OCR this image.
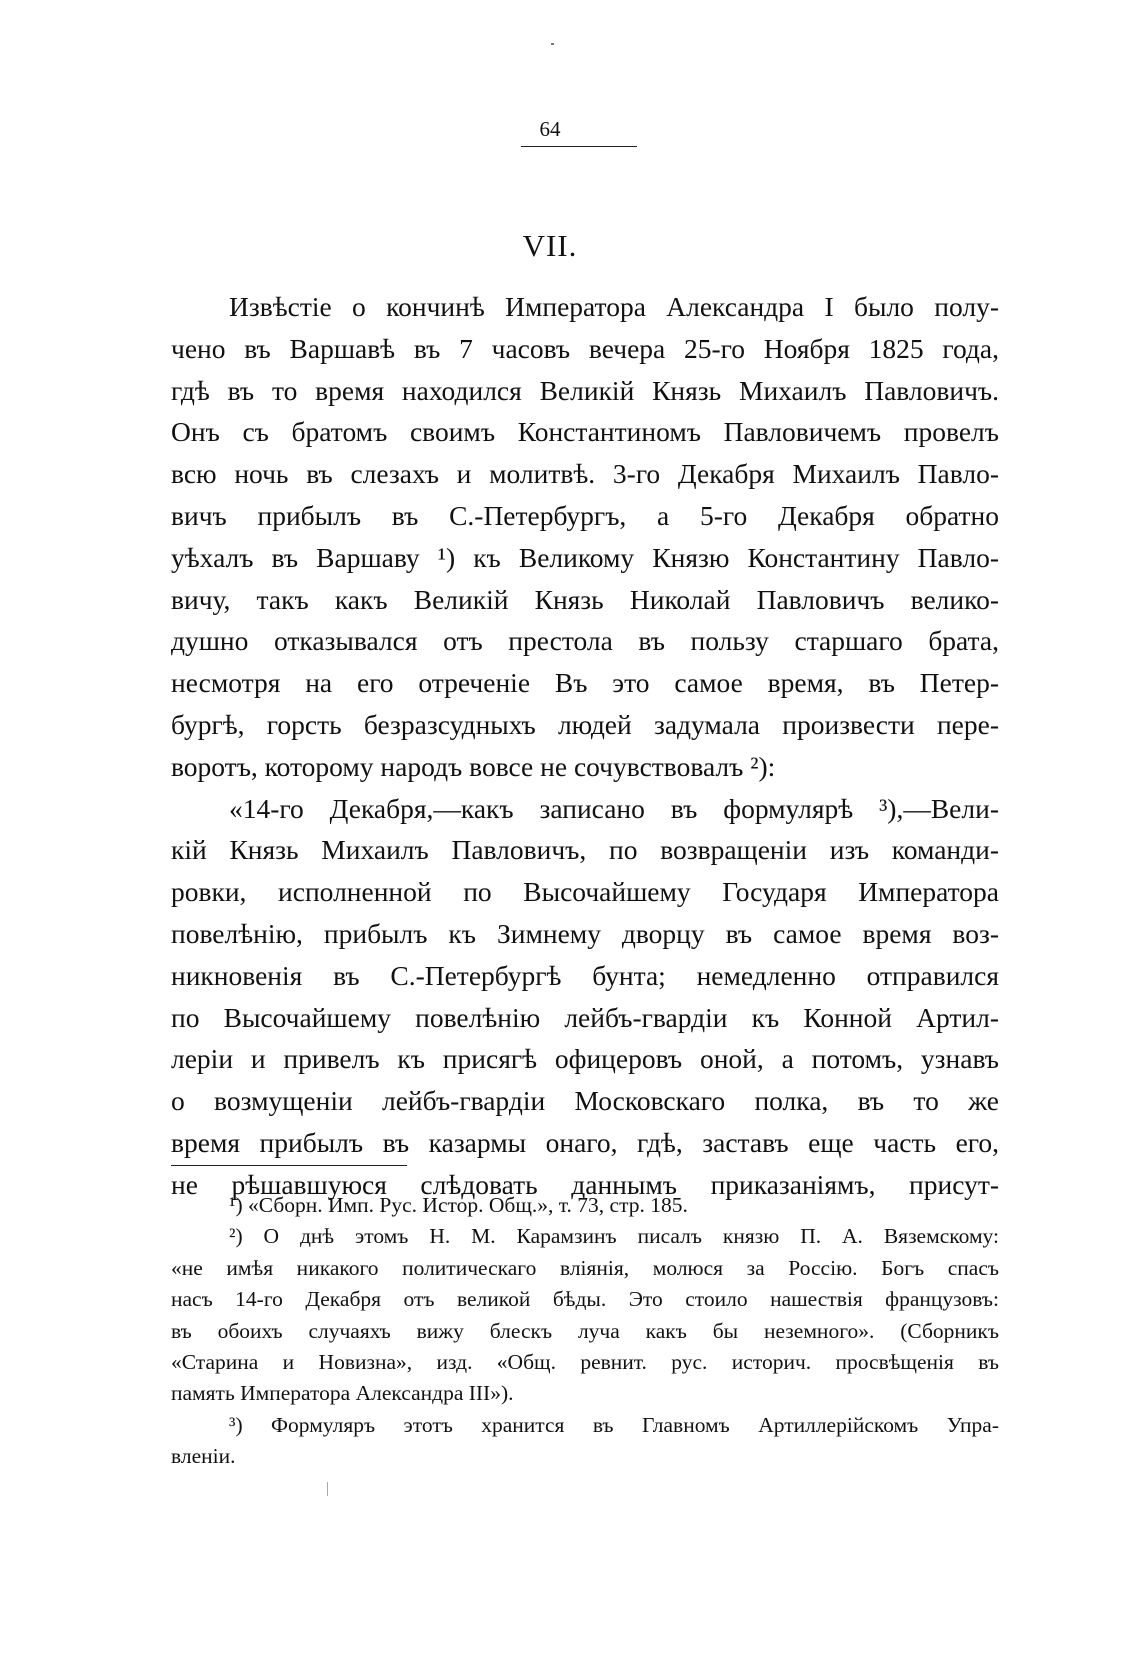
64
VII.
Извѣстіе о кончинѣ Императора Александра I было полу-
чено въ Варшавѣ въ 7 часовъ вечера 25-го Ноября 1825 года,
гдѣ въ то время находился Великій Князь Михаилъ Павловичъ.
Онъ съ братомъ своимъ Константиномъ Павловичемъ провелъ
всю ночь въ слезахъ и молитвѣ. 3-го Декабря Михаилъ Павло-
вичъ прибылъ въ С.-Петербургъ, а 5-го Декабря обратно
уѣхалъ въ Варшаву ¹) къ Великому Князю Константину Павло-
вичу, такъ какъ Великій Князь Николай Павловичъ велико-
душно отказывался отъ престола въ пользу старшаго брата,
несмотря на его отреченіе Въ это самое время, въ Петер-
бургѣ, горсть безразсудныхъ людей задумала произвести пере-
воротъ, которому народъ вовсе не сочувствовалъ ²):
«14-го Декабря,—какъ записано въ формулярѣ ³),—Вели-
кій Князь Михаилъ Павловичъ, по возвращеніи изъ команди-
ровки, исполненной по Высочайшему Государя Императора
повелѣнію, прибылъ къ Зимнему дворцу въ самое время воз-
никновенія въ С.-Петербургѣ бунта; немедленно отправился
по Высочайшему повелѣнію лейбъ-гвардіи къ Конной Артил-
леріи и привелъ къ присягѣ офицеровъ оной, а потомъ, узнавъ
о возмущеніи лейбъ-гвардіи Московскаго полка, въ то же
время прибылъ въ казармы онаго, гдѣ, заставъ еще часть его,
не рѣшавшуюся слѣдовать даннымъ приказаніямъ, присут-
¹) «Сборн. Имп. Рус. Истор. Общ.», т. 73, стр. 185.
²) О днѣ этомъ Н. М. Карамзинъ писалъ князю П. А. Вяземскому:
«не имѣя никакого политическаго вліянія, молюся за Россію. Богъ спасъ
насъ 14-го Декабря отъ великой бѣды. Это стоило нашествія французовъ:
въ обоихъ случаяхъ вижу блескъ луча какъ бы неземного». (Сборникъ
«Старина и Новизна», изд. «Общ. ревнит. рус. историч. просвѣщенія въ
память Императора Александра III»).
³) Формуляръ этотъ хранится въ Главномъ Артиллерійскомъ Упра-
вленіи.
